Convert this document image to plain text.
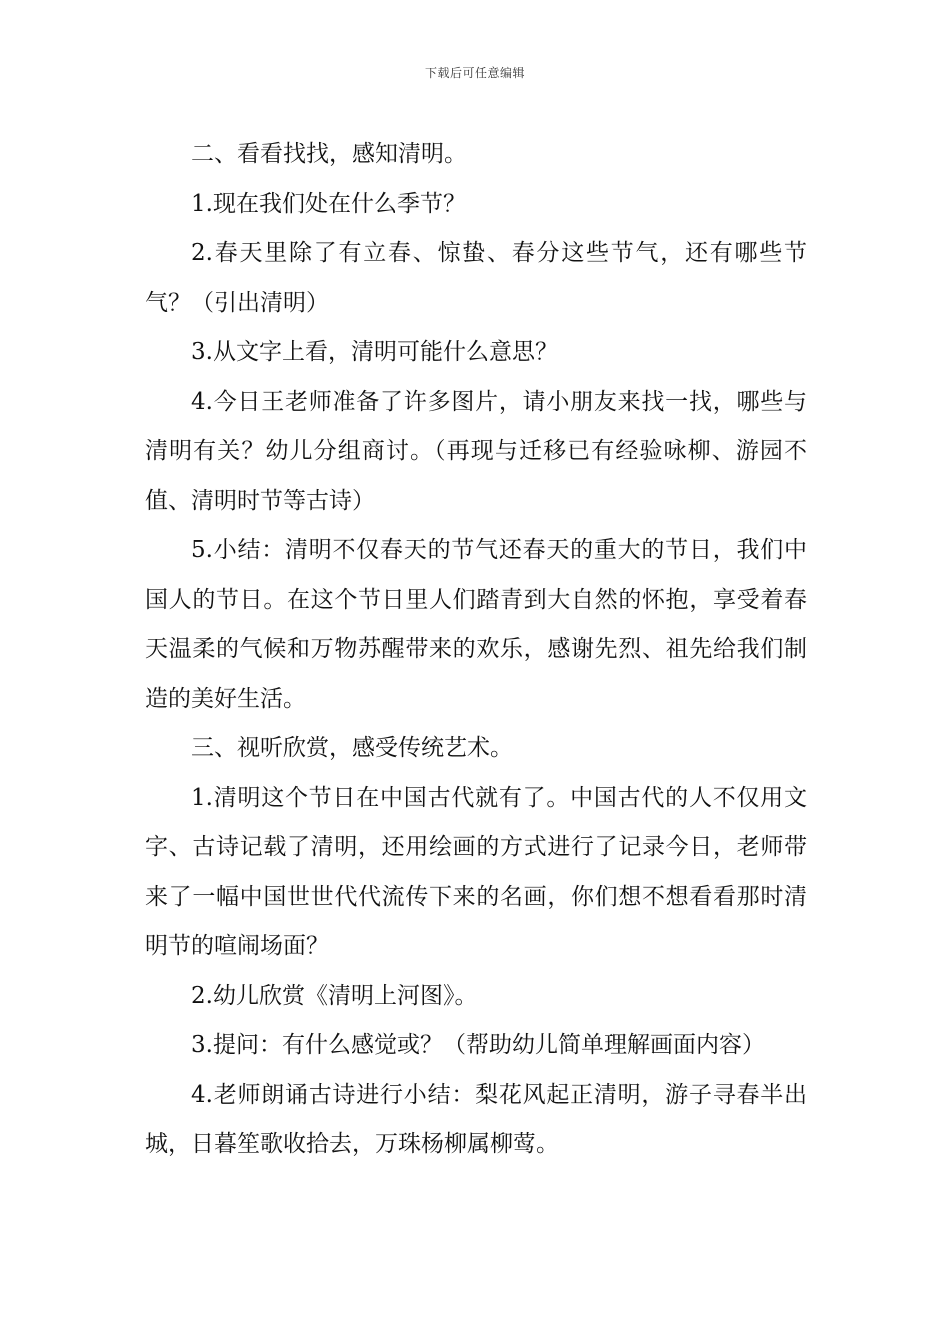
下载后可任意编辑

二、看看找找，感知清明。

1.现在我们处在什么季节？

2.春天里除了有立春、惊蛰、春分这些节气，还有哪些节气？（引出清明）

3.从文字上看，清明可能什么意思？

4.今日王老师准备了许多图片，请小朋友来找一找，哪些与清明有关？幼儿分组商讨。（再现与迁移已有经验咏柳、游园不值、清明时节等古诗）

5.小结：清明不仅春天的节气还春天的重大的节日，我们中国人的节日。在这个节日里人们踏青到大自然的怀抱，享受着春天温柔的气候和万物苏醒带来的欢乐，感谢先烈、祖先给我们制造的美好生活。

三、视听欣赏，感受传统艺术。

1.清明这个节日在中国古代就有了。中国古代的人不仅用文字、古诗记载了清明，还用绘画的方式进行了记录今日，老师带来了一幅中国世世代代流传下来的名画，你们想不想看看那时清明节的喧闹场面？

2.幼儿欣赏《清明上河图》。

3.提问：有什么感觉或？（帮助幼儿简单理解画面内容）

4.老师朗诵古诗进行小结：梨花风起正清明，游子寻春半出城，日暮笙歌收拾去，万珠杨柳属柳莺。
